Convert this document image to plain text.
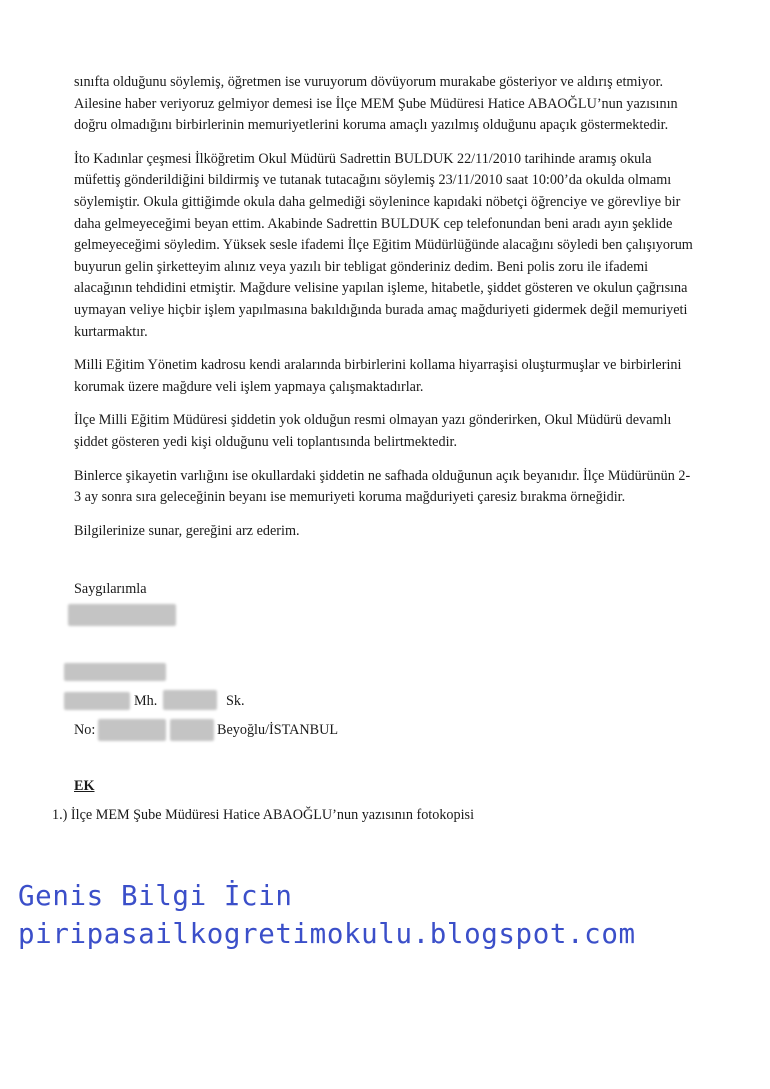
sınıfta olduğunu söylemiş, öğretmen ise vuruyorum dövüyorum murakabe gösteriyor ve aldırış etmiyor. Ailesine haber veriyoruz gelmiyor demesi ise İlçe MEM Şube Müdüresi Hatice ABAOĞLU’nun yazısının doğru olmadığını birbirlerinin memuriyetlerini koruma amaçlı yazılmış olduğunu apaçık göstermektedir.

İto Kadınlar çeşmesi İlköğretim Okul Müdürü Sadrettin BULDUK 22/11/2010 tarihinde aramış okula müfettiş gönderildiğini bildirmiş ve tutanak tutacağını söylemiş 23/11/2010 saat 10:00’da okulda olmamı söylemiştir. Okula gittiğimde okula daha gelmediği söylenince kapıdaki nöbetçi öğrenciye ve görevliye bir daha gelmeyeceğimi beyan ettim. Akabinde Sadrettin BULDUK cep telefonundan beni aradı ayın şeklide gelmeyeceğimi söyledim. Yüksek sesle ifademi İlçe Eğitim Müdürlüğünde alacağını söyledi ben çalışıyorum buyurun gelin şirketteyim alınız veya yazılı bir tebligat gönderiniz dedim. Beni polis zoru ile ifademi alacağının tehdidini etmiştir. Mağdure velisine yapılan işleme, hitabetle, şiddet gösteren ve okulun çağrısına uymayan veliye hiçbir işlem yapılmasına bakıldığında burada amaç mağduriyeti gidermek değil memuriyeti kurtarmaktır.

Milli Eğitim Yönetim kadrosu kendi aralarında birbirlerini kollama hiyarraşisi oluşturmuşlar ve birbirlerini korumak üzere mağdure veli işlem yapmaya çalışmaktadırlar.

İlçe Milli Eğitim Müdüresi şiddetin yok olduğun resmi olmayan yazı gönderirken, Okul Müdürü devamlı şiddet gösteren yedi kişi olduğunu veli toplantısında belirtmektedir.

Binlerce şikayetin varlığını ise okullardaki şiddetin ne safhada olduğunun açık beyanıdır. İlçe Müdürünün 2-3 ay sonra sıra geleceğinin beyanı ise memuriyeti koruma mağduriyeti çaresiz bırakma örneğidir.

Bilgilerinize sunar, gereğini arz ederim.

Saygılarımla
Mh.	Sk.
No:	Beyoğlu/İSTANBUL
EK
1.) İlçe MEM Şube Müdüresi Hatice ABAOĞLU’nun yazısının fotokopisi
Genis Bilgi İcin
piripasailkogretimokulu.blogspot.com
